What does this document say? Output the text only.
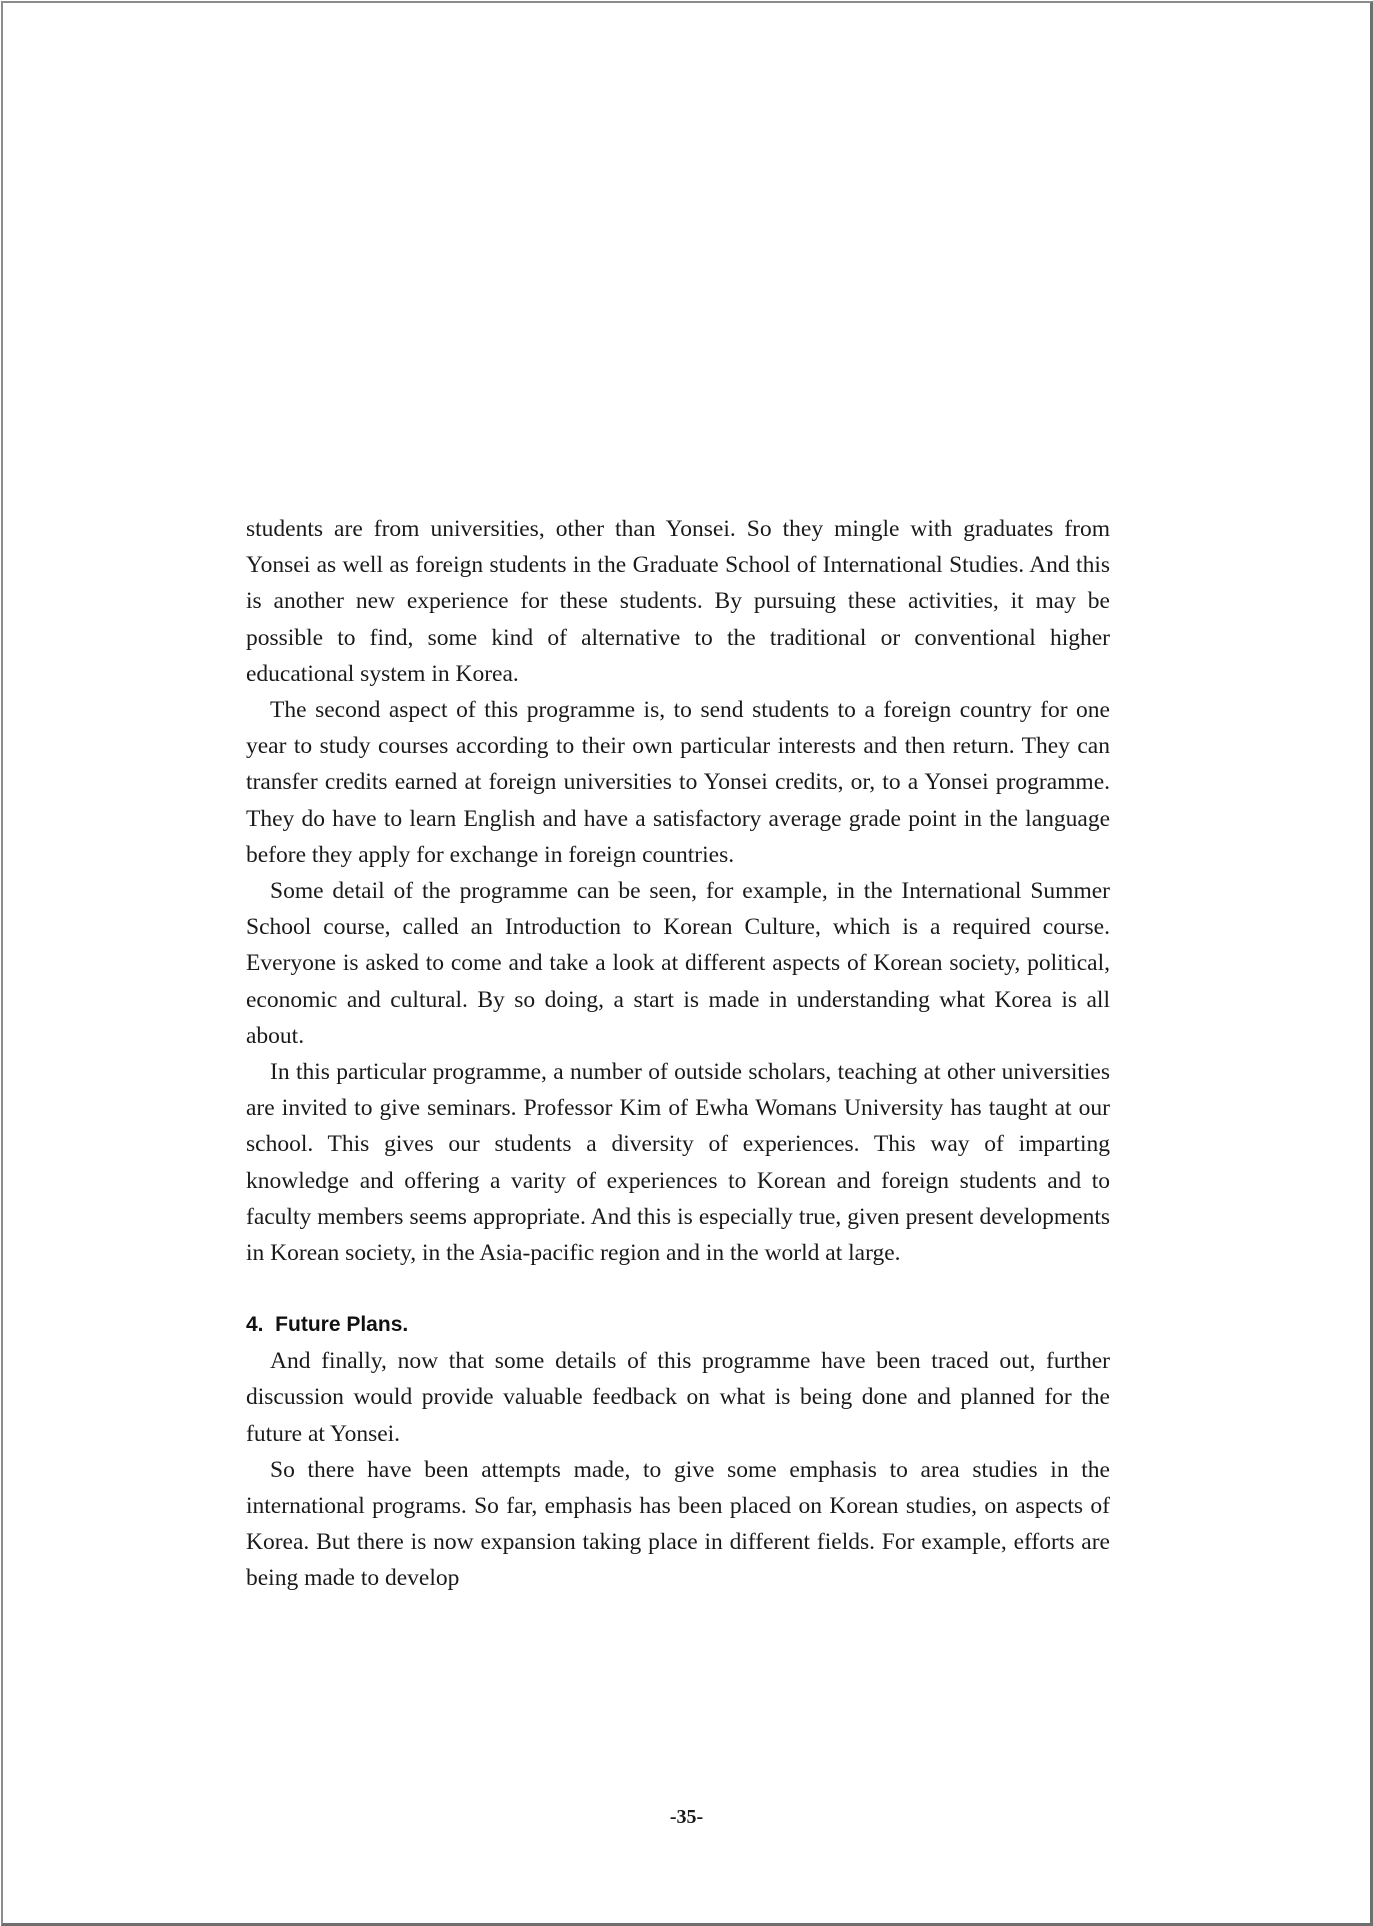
students are from universities, other than Yonsei. So they mingle with graduates from Yonsei as well as foreign students in the Graduate School of International Studies. And this is another new experience for these students. By pursuing these activities, it may be possible to find, some kind of alternative to the traditional or conventional higher educational system in Korea.

The second aspect of this programme is, to send students to a foreign country for one year to study courses according to their own particular interests and then return. They can transfer credits earned at foreign universities to Yonsei credits, or, to a Yonsei programme. They do have to learn English and have a satisfactory average grade point in the language before they apply for exchange in foreign countries.

Some detail of the programme can be seen, for example, in the International Summer School course, called an Introduction to Korean Culture, which is a required course. Everyone is asked to come and take a look at different aspects of Korean society, political, economic and cultural. By so doing, a start is made in understanding what Korea is all about.

In this particular programme, a number of outside scholars, teaching at other universities are invited to give seminars. Professor Kim of Ewha Womans University has taught at our school. This gives our students a diversity of experiences. This way of imparting knowledge and offering a varity of experiences to Korean and foreign students and to faculty members seems appropriate. And this is especially true, given present developments in Korean society, in the Asia-pacific region and in the world at large.

4.  Future Plans.

And finally, now that some details of this programme have been traced out, further discussion would provide valuable feedback on what is being done and planned for the future at Yonsei.

So there have been attempts made, to give some emphasis to area studies in the international programs. So far, emphasis has been placed on Korean studies, on aspects of Korea. But there is now expansion taking place in different fields. For example, efforts are being made to develop

-35-
